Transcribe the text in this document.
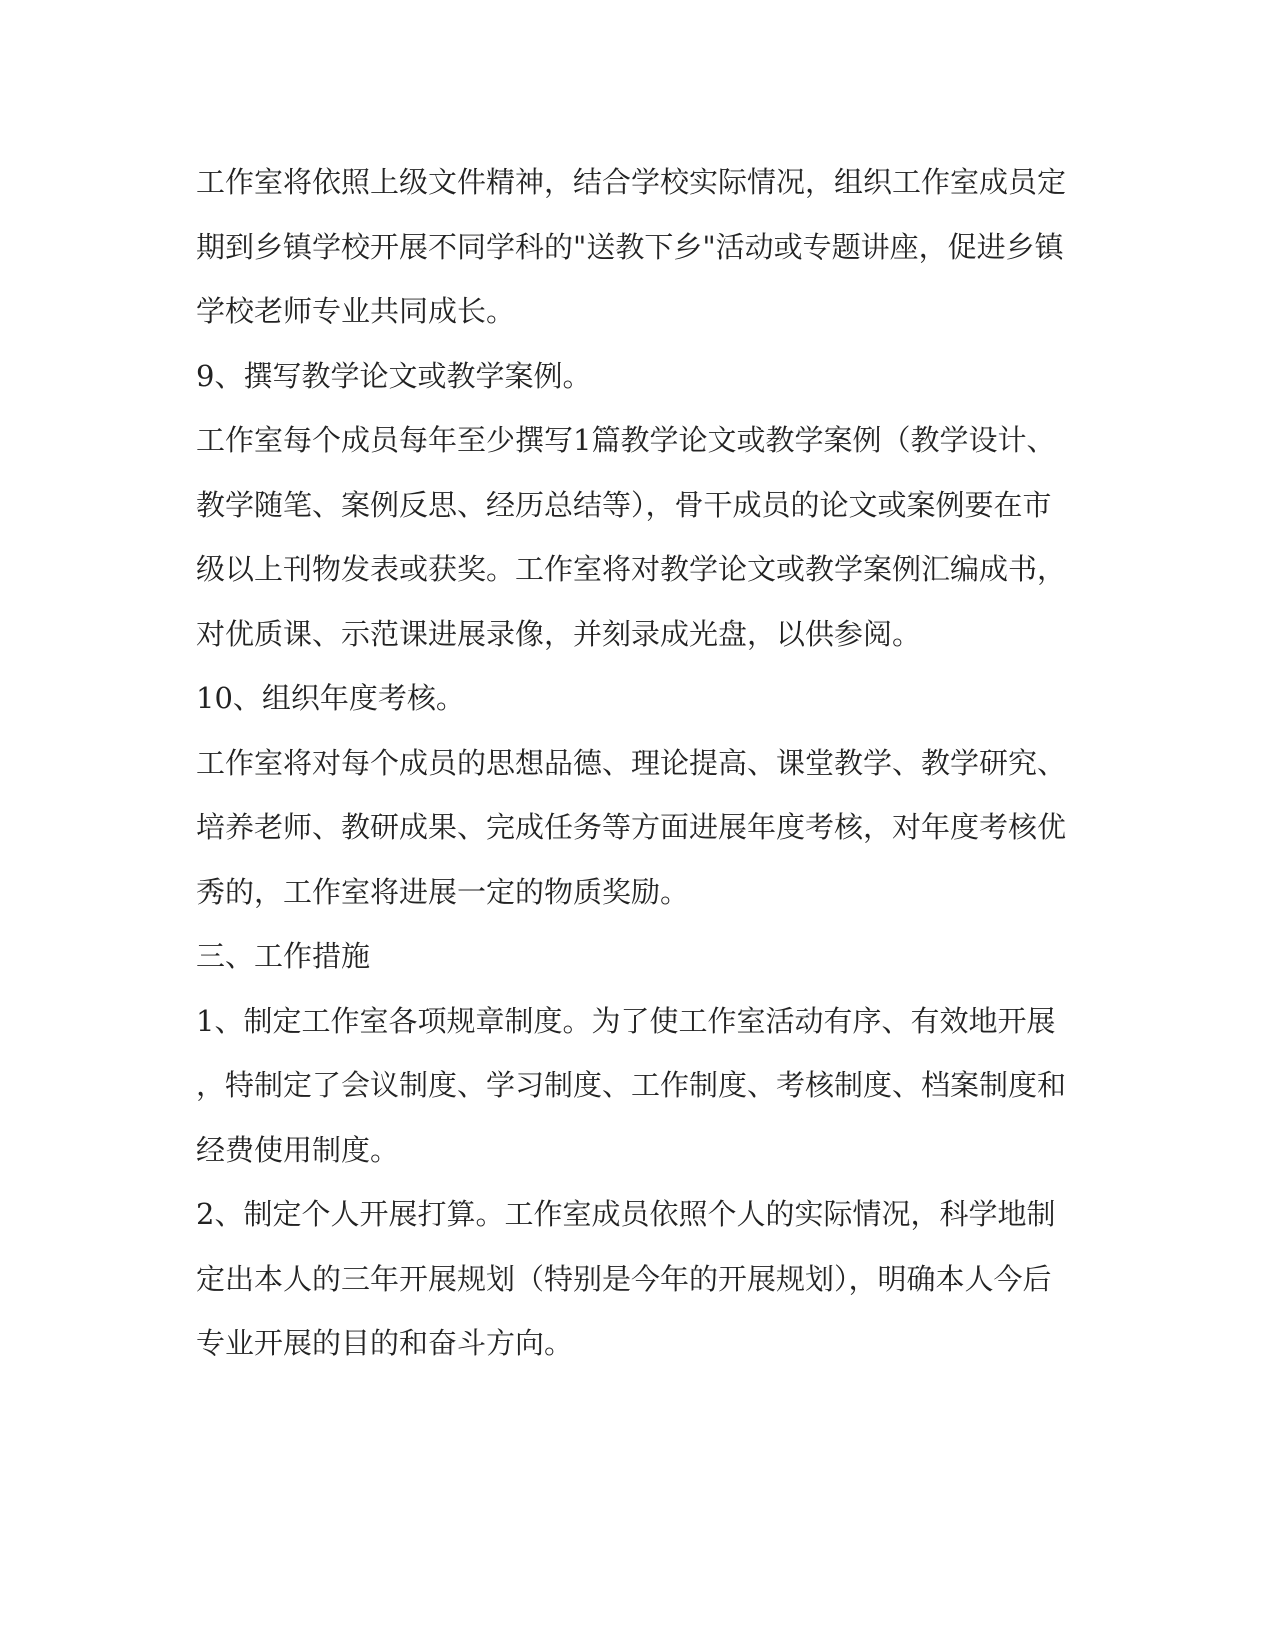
工作室将依照上级文件精神，结合学校实际情况，组织工作室成员定
期到乡镇学校开展不同学科的"送教下乡"活动或专题讲座，促进乡镇
学校老师专业共同成长。
9、撰写教学论文或教学案例。
工作室每个成员每年至少撰写1篇教学论文或教学案例（教学设计、
教学随笔、案例反思、经历总结等），骨干成员的论文或案例要在市
级以上刊物发表或获奖。工作室将对教学论文或教学案例汇编成书，
对优质课、示范课进展录像，并刻录成光盘，以供参阅。
10、组织年度考核。
工作室将对每个成员的思想品德、理论提高、课堂教学、教学研究、
培养老师、教研成果、完成任务等方面进展年度考核，对年度考核优
秀的，工作室将进展一定的物质奖励。
三、工作措施
1、制定工作室各项规章制度。为了使工作室活动有序、有效地开展
，特制定了会议制度、学习制度、工作制度、考核制度、档案制度和
经费使用制度。
2、制定个人开展打算。工作室成员依照个人的实际情况，科学地制
定出本人的三年开展规划（特别是今年的开展规划），明确本人今后
专业开展的目的和奋斗方向。
